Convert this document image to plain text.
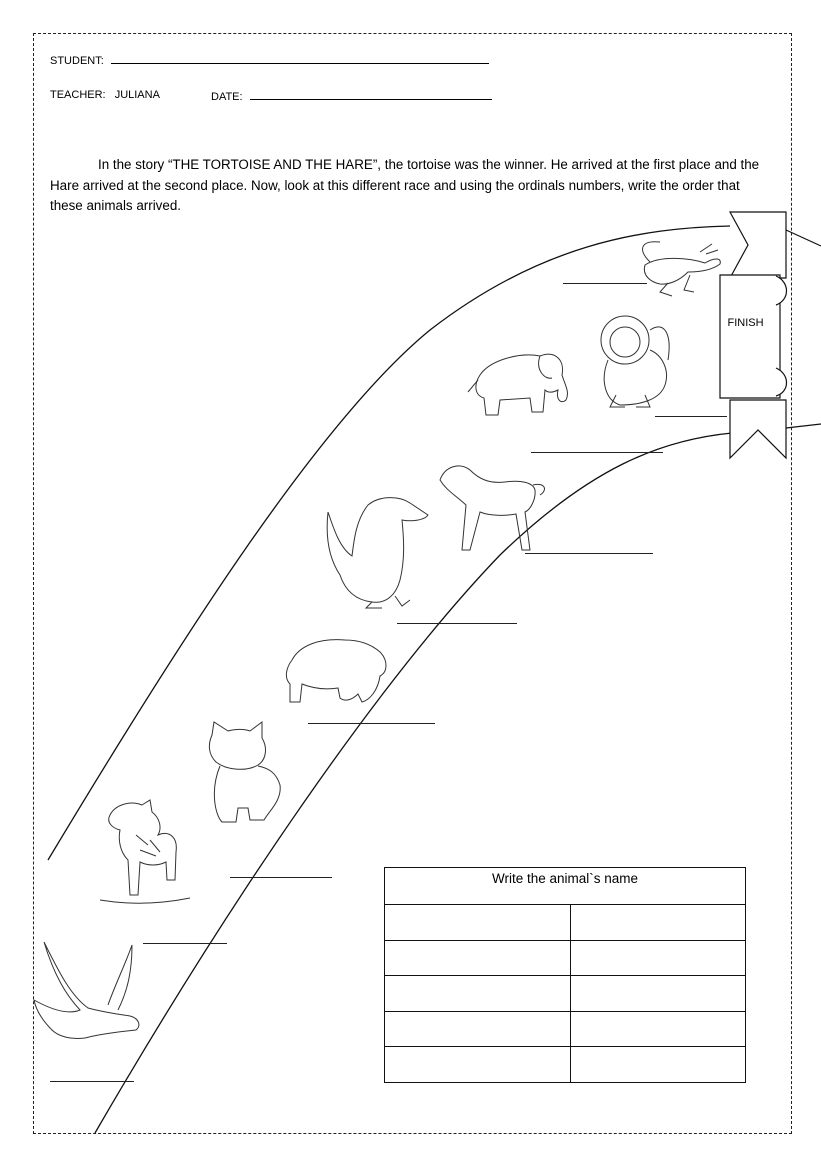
STUDENT:
TEACHER: JULIANA	DATE:
In the story “THE TORTOISE AND THE HARE”, the tortoise was the winner. He arrived at the first place and the Hare arrived at the second place. Now, look at this different race and using the ordinals numbers, write the order that these animals arrived.
FINISH
Write the animal`s name	
